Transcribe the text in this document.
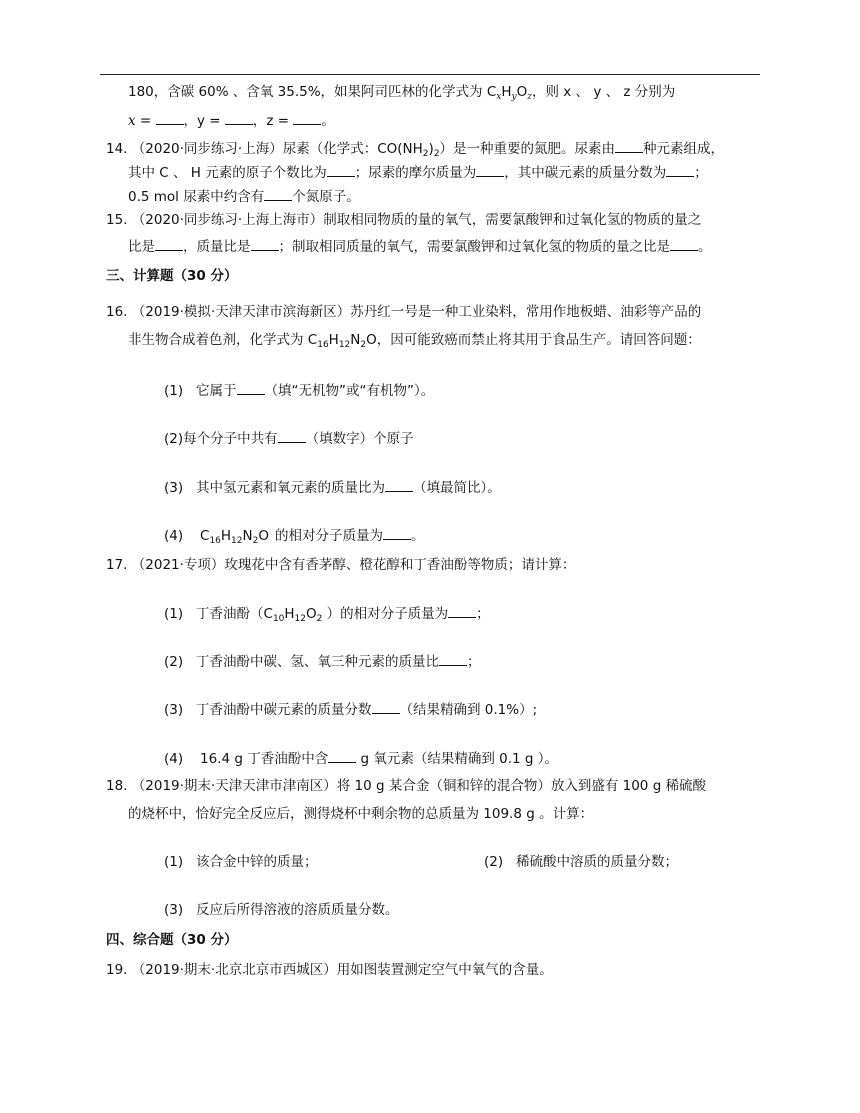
180，含碳 60% 、含氧 35.5%，如果阿司匹林的化学式为 $C_xH_yO_z$，则 x 、 y 、 z 分别为
x = ，y = ，z = 。
14. （2020·同步练习·上海）尿素（化学式：$CO(NH_2)_2$）是一种重要的氮肥。尿素由 种元素组成，
其中 C 、 H 元素的原子个数比为 ；尿素的摩尔质量为 ，其中碳元素的质量分数为 ；
0.5 mol 尿素中约含有 个氮原子。
15. （2020·同步练习·上海上海市）制取相同物质的量的氧气，需要氯酸钾和过氧化氢的物质的量之
比是 ，质量比是 ；制取相同质量的氧气，需要氯酸钾和过氧化氢的物质的量之比是 。
三、计算题（30 分）
16. （2019·模拟·天津天津市滨海新区）苏丹红一号是一种工业染料，常用作地板蜡、油彩等产品的
非生物合成着色剂，化学式为 $C_{16}H_{12}N_2O$，因可能致癌而禁止将其用于食品生产。请回答问题：
(1) 它属于 （填“无机物”或“有机物”）。
(2)每个分子中共有 （填数字）个原子
(3) 其中氢元素和氧元素的质量比为 （填最简比）。
(4) $C_{16}H_{12}N_2O$ 的相对分子质量为 。
17. （2021·专项）玫瑰花中含有香茅醇、橙花醇和丁香油酚等物质；请计算：
(1) 丁香油酚（$C_{10}H_{12}O_2$ ）的相对分子质量为 ；
(2) 丁香油酚中碳、氢、氧三种元素的质量比 ；
(3) 丁香油酚中碳元素的质量分数 （结果精确到 0.1%）;
(4) 16.4 g 丁香油酚中含 g 氧元素（结果精确到 0.1 g ）。
18. （2019·期末·天津天津市津南区）将 10 g 某合金（铜和锌的混合物）放入到盛有 100 g 稀硫酸
的烧杯中，恰好完全反应后，测得烧杯中剩余物的总质量为 109.8 g 。计算：
(1) 该合金中锌的质量；	(2) 稀硫酸中溶质的质量分数；
(3) 反应后所得溶液的溶质质量分数。
四、综合题（30 分）
19. （2019·期末·北京北京市西城区）用如图装置测定空气中氧气的含量。
